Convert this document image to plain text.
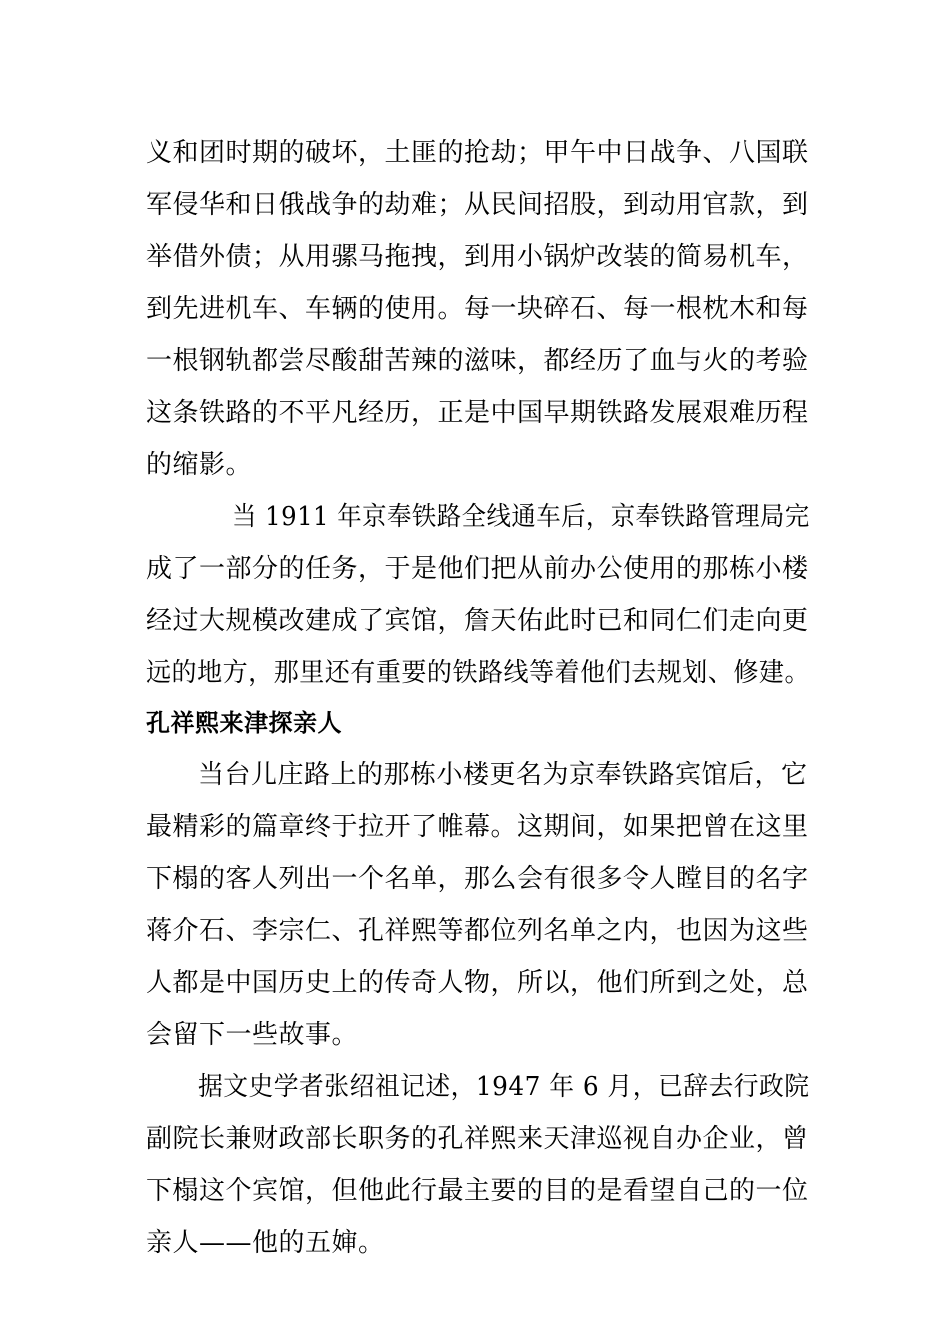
义和团时期的破坏，土匪的抢劫；甲午中日战争、八国联
军侵华和日俄战争的劫难；从民间招股，到动用官款，到
举借外债；从用骡马拖拽，到用小锅炉改装的简易机车，
到先进机车、车辆的使用。每一块碎石、每一根枕木和每
一根钢轨都尝尽酸甜苦辣的滋味，都经历了血与火的考验
这条铁路的不平凡经历，正是中国早期铁路发展艰难历程
的缩影。
当 1911 年京奉铁路全线通车后，京奉铁路管理局完
成了一部分的任务，于是他们把从前办公使用的那栋小楼
经过大规模改建成了宾馆，詹天佑此时已和同仁们走向更
远的地方，那里还有重要的铁路线等着他们去规划、修建。
孔祥熙来津探亲人
当台儿庄路上的那栋小楼更名为京奉铁路宾馆后，它
最精彩的篇章终于拉开了帷幕。这期间，如果把曾在这里
下榻的客人列出一个名单，那么会有很多令人瞠目的名字
蒋介石、李宗仁、孔祥熙等都位列名单之内，也因为这些
人都是中国历史上的传奇人物，所以，他们所到之处，总
会留下一些故事。
据文史学者张绍祖记述，1947 年 6 月，已辞去行政院
副院长兼财政部长职务的孔祥熙来天津巡视自办企业，曾
下榻这个宾馆，但他此行最主要的目的是看望自己的一位
亲人——他的五婶。
